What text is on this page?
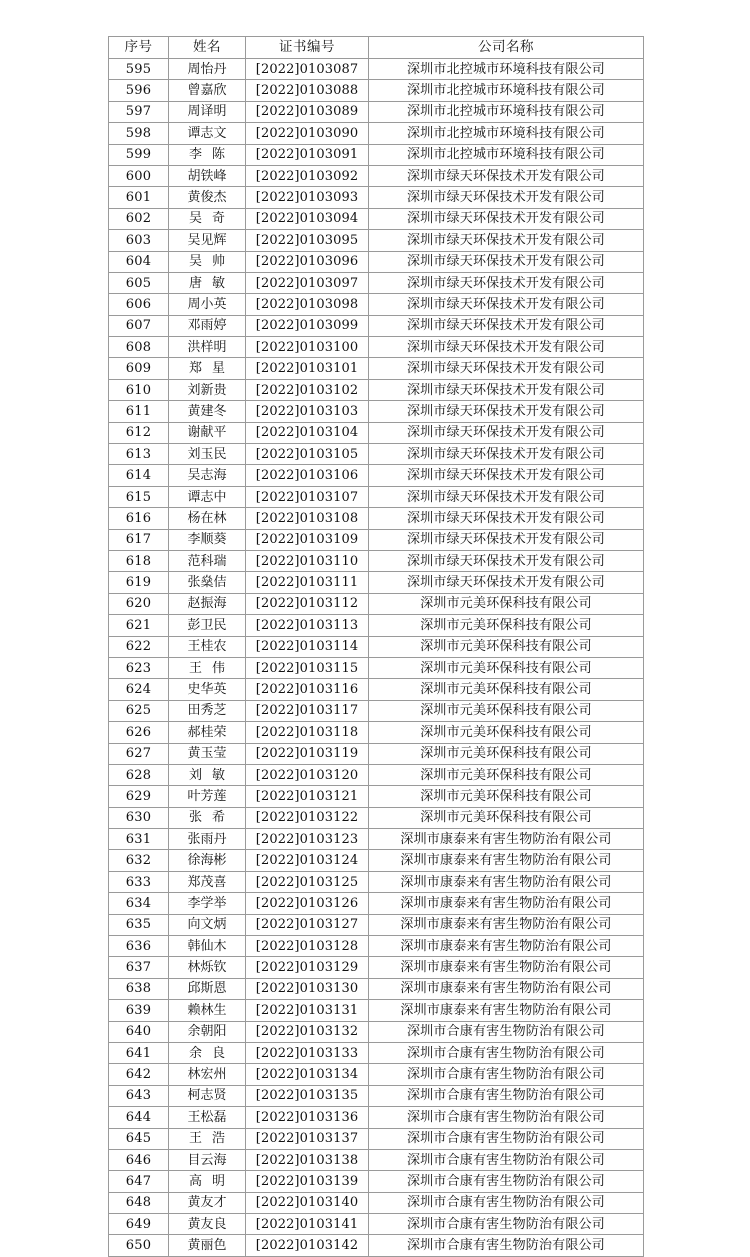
序号	姓名	证书编号	公司名称
595	周怡丹	[2022]0103087	深圳市北控城市环境科技有限公司
596	曾嘉欣	[2022]0103088	深圳市北控城市环境科技有限公司
597	周译明	[2022]0103089	深圳市北控城市环境科技有限公司
598	谭志文	[2022]0103090	深圳市北控城市环境科技有限公司
599	李陈	[2022]0103091	深圳市北控城市环境科技有限公司
600	胡铁峰	[2022]0103092	深圳市绿天环保技术开发有限公司
601	黄俊杰	[2022]0103093	深圳市绿天环保技术开发有限公司
602	吴奇	[2022]0103094	深圳市绿天环保技术开发有限公司
603	吴见辉	[2022]0103095	深圳市绿天环保技术开发有限公司
604	吴帅	[2022]0103096	深圳市绿天环保技术开发有限公司
605	唐敏	[2022]0103097	深圳市绿天环保技术开发有限公司
606	周小英	[2022]0103098	深圳市绿天环保技术开发有限公司
607	邓雨婷	[2022]0103099	深圳市绿天环保技术开发有限公司
608	洪样明	[2022]0103100	深圳市绿天环保技术开发有限公司
609	郑星	[2022]0103101	深圳市绿天环保技术开发有限公司
610	刘新贵	[2022]0103102	深圳市绿天环保技术开发有限公司
611	黄建冬	[2022]0103103	深圳市绿天环保技术开发有限公司
612	谢献平	[2022]0103104	深圳市绿天环保技术开发有限公司
613	刘玉民	[2022]0103105	深圳市绿天环保技术开发有限公司
614	吴志海	[2022]0103106	深圳市绿天环保技术开发有限公司
615	谭志中	[2022]0103107	深圳市绿天环保技术开发有限公司
616	杨在林	[2022]0103108	深圳市绿天环保技术开发有限公司
617	李顺葵	[2022]0103109	深圳市绿天环保技术开发有限公司
618	范科瑞	[2022]0103110	深圳市绿天环保技术开发有限公司
619	张燊佶	[2022]0103111	深圳市绿天环保技术开发有限公司
620	赵振海	[2022]0103112	深圳市元美环保科技有限公司
621	彭卫民	[2022]0103113	深圳市元美环保科技有限公司
622	王桂农	[2022]0103114	深圳市元美环保科技有限公司
623	王伟	[2022]0103115	深圳市元美环保科技有限公司
624	史华英	[2022]0103116	深圳市元美环保科技有限公司
625	田秀芝	[2022]0103117	深圳市元美环保科技有限公司
626	郝桂荣	[2022]0103118	深圳市元美环保科技有限公司
627	黄玉莹	[2022]0103119	深圳市元美环保科技有限公司
628	刘敏	[2022]0103120	深圳市元美环保科技有限公司
629	叶芳莲	[2022]0103121	深圳市元美环保科技有限公司
630	张希	[2022]0103122	深圳市元美环保科技有限公司
631	张雨丹	[2022]0103123	深圳市康泰来有害生物防治有限公司
632	徐海彬	[2022]0103124	深圳市康泰来有害生物防治有限公司
633	郑茂喜	[2022]0103125	深圳市康泰来有害生物防治有限公司
634	李学举	[2022]0103126	深圳市康泰来有害生物防治有限公司
635	向文炳	[2022]0103127	深圳市康泰来有害生物防治有限公司
636	韩仙木	[2022]0103128	深圳市康泰来有害生物防治有限公司
637	林烁钦	[2022]0103129	深圳市康泰来有害生物防治有限公司
638	邱斯恩	[2022]0103130	深圳市康泰来有害生物防治有限公司
639	赖林生	[2022]0103131	深圳市康泰来有害生物防治有限公司
640	余朝阳	[2022]0103132	深圳市合康有害生物防治有限公司
641	余良	[2022]0103133	深圳市合康有害生物防治有限公司
642	林宏州	[2022]0103134	深圳市合康有害生物防治有限公司
643	柯志贤	[2022]0103135	深圳市合康有害生物防治有限公司
644	王松磊	[2022]0103136	深圳市合康有害生物防治有限公司
645	王浩	[2022]0103137	深圳市合康有害生物防治有限公司
646	目云海	[2022]0103138	深圳市合康有害生物防治有限公司
647	高明	[2022]0103139	深圳市合康有害生物防治有限公司
648	黄友才	[2022]0103140	深圳市合康有害生物防治有限公司
649	黄友良	[2022]0103141	深圳市合康有害生物防治有限公司
650	黄丽色	[2022]0103142	深圳市合康有害生物防治有限公司
